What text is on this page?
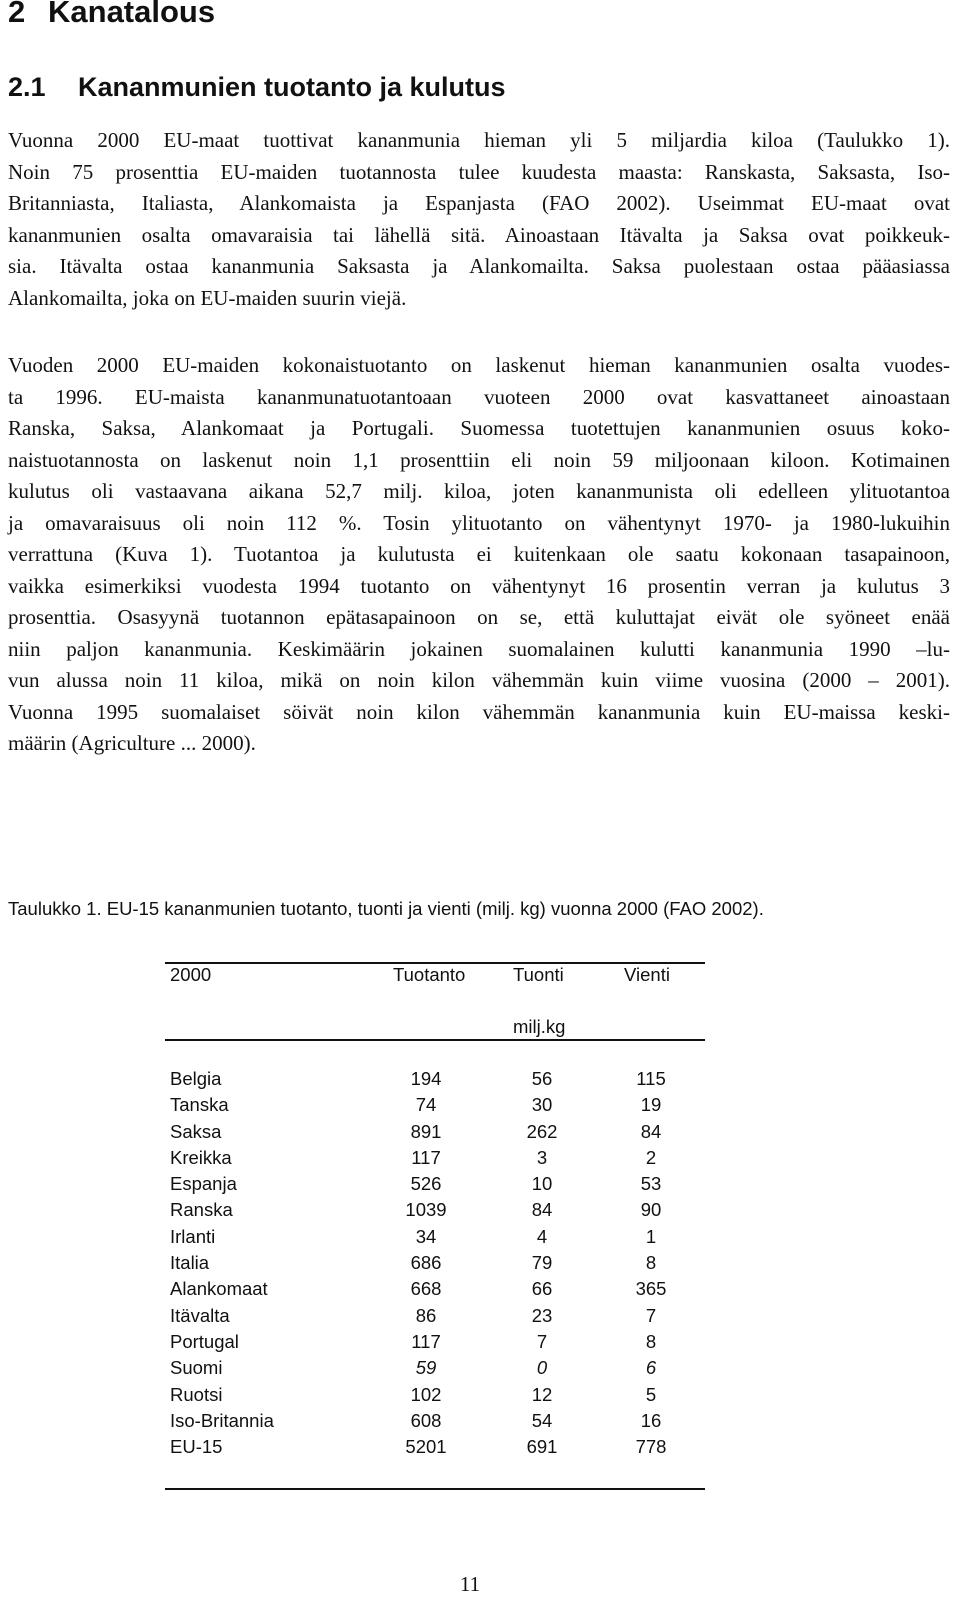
2 Kanatalous
2.1 Kananmunien tuotanto ja kulutus
Vuonna 2000 EU-maat tuottivat kananmunia hieman yli 5 miljardia kiloa (Taulukko 1).
Noin 75 prosenttia EU-maiden tuotannosta tulee kuudesta maasta: Ranskasta, Saksasta, Iso-
Britanniasta, Italiasta, Alankomaista ja Espanjasta (FAO 2002). Useimmat EU-maat ovat
kananmunien osalta omavaraisia tai lähellä sitä. Ainoastaan Itävalta ja Saksa ovat poikkeuk-
sia. Itävalta ostaa kananmunia Saksasta ja Alankomailta. Saksa puolestaan ostaa pääasiassa
Alankomailta, joka on EU-maiden suurin viejä.
Vuoden 2000 EU-maiden kokonaistuotanto on laskenut hieman kananmunien osalta vuodes-
ta 1996. EU-maista kananmunatuotantoaan vuoteen 2000 ovat kasvattaneet ainoastaan
Ranska, Saksa, Alankomaat ja Portugali. Suomessa tuotettujen kananmunien osuus koko-
naistuotannosta on laskenut noin 1,1 prosenttiin eli noin 59 miljoonaan kiloon. Kotimainen
kulutus oli vastaavana aikana 52,7 milj. kiloa, joten kananmunista oli edelleen ylituotantoa
ja omavaraisuus oli noin 112 %. Tosin ylituotanto on vähentynyt 1970- ja 1980-lukuihin
verrattuna (Kuva 1). Tuotantoa ja kulutusta ei kuitenkaan ole saatu kokonaan tasapainoon,
vaikka esimerkiksi vuodesta 1994 tuotanto on vähentynyt 16 prosentin verran ja kulutus 3
prosenttia. Osasyynä tuotannon epätasapainoon on se, että kuluttajat eivät ole syöneet enää
niin paljon kananmunia. Keskimäärin jokainen suomalainen kulutti kananmunia 1990 –lu-
vun alussa noin 11 kiloa, mikä on noin kilon vähemmän kuin viime vuosina (2000 – 2001).
Vuonna 1995 suomalaiset söivät noin kilon vähemmän kananmunia kuin EU-maissa keski-
määrin (Agriculture ... 2000).
Taulukko 1. EU-15 kananmunien tuotanto, tuonti ja vienti (milj. kg) vuonna 2000 (FAO 2002).
2000	Tuotanto	Tuonti	Vienti
milj.kg
Belgia	194	56	115
Tanska	74	30	19
Saksa	891	262	84
Kreikka	117	3	2
Espanja	526	10	53
Ranska	1039	84	90
Irlanti	34	4	1
Italia	686	79	8
Alankomaat	668	66	365
Itävalta	86	23	7
Portugal	117	7	8
Suomi	59	0	6
Ruotsi	102	12	5
Iso-Britannia	608	54	16
EU-15	5201	691	778
11
